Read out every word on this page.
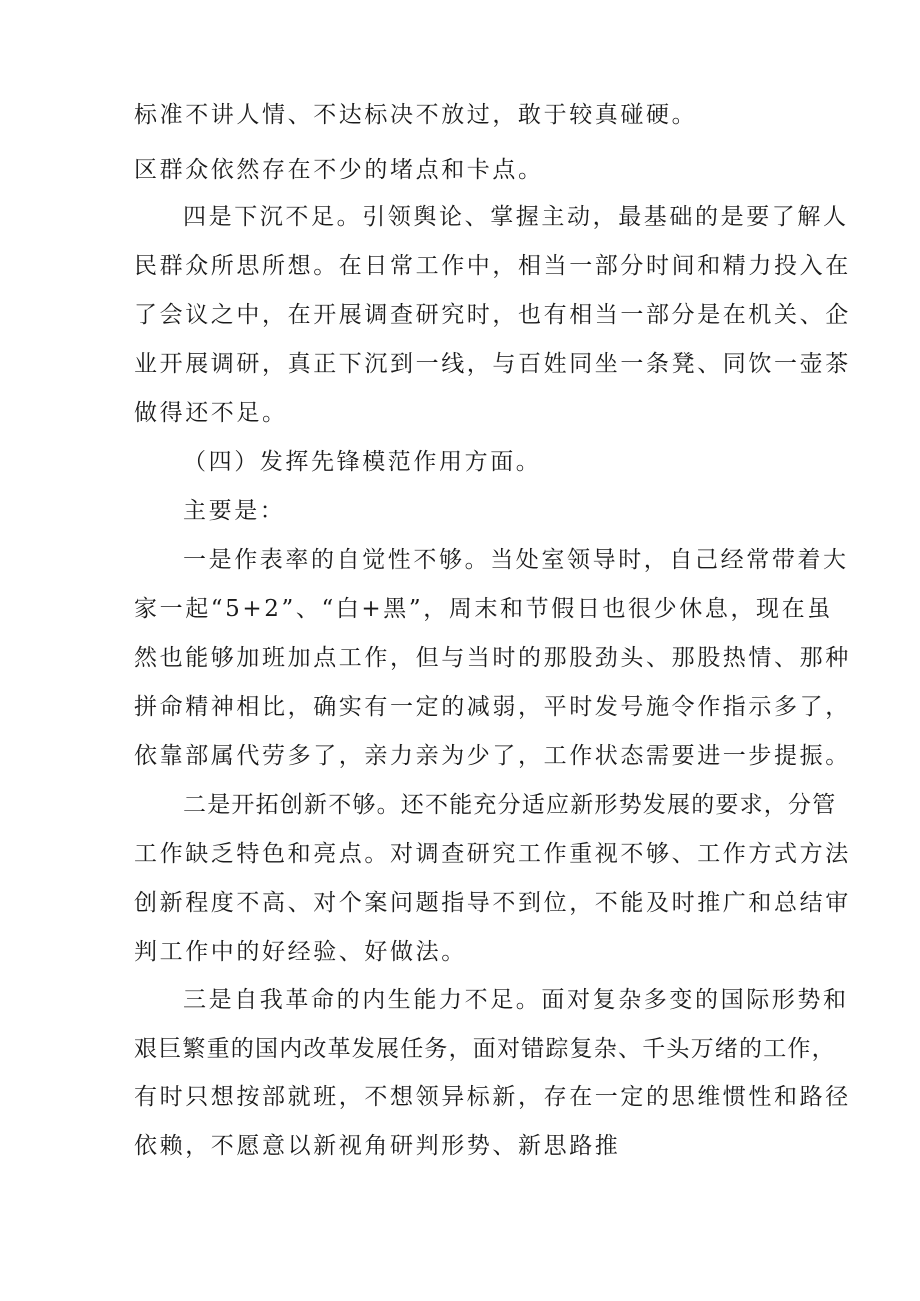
标准不讲人情、不达标决不放过，敢于较真碰硬。

区群众依然存在不少的堵点和卡点。

四是下沉不足。引领舆论、掌握主动，最基础的是要了解人

民群众所思所想。在日常工作中，相当一部分时间和精力投入在

了会议之中，在开展调查研究时，也有相当一部分是在机关、企

业开展调研，真正下沉到一线，与百姓同坐一条凳、同饮一壶茶

做得还不足。

（四）发挥先锋模范作用方面。

主要是：

一是作表率的自觉性不够。当处室领导时，自己经常带着大

家一起“5+2”、“白+黑”，周末和节假日也很少休息，现在虽

然也能够加班加点工作，但与当时的那股劲头、那股热情、那种

拼命精神相比，确实有一定的减弱，平时发号施令作指示多了，

依靠部属代劳多了，亲力亲为少了，工作状态需要进一步提振。

二是开拓创新不够。还不能充分适应新形势发展的要求，分管

工作缺乏特色和亮点。对调查研究工作重视不够、工作方式方法

创新程度不高、对个案问题指导不到位，不能及时推广和总结审

判工作中的好经验、好做法。

三是自我革命的内生能力不足。面对复杂多变的国际形势和

艰巨繁重的国内改革发展任务，面对错踪复杂、千头万绪的工作，

有时只想按部就班，不想领异标新，存在一定的思维惯性和路径

依赖，不愿意以新视角研判形势、新思路推
